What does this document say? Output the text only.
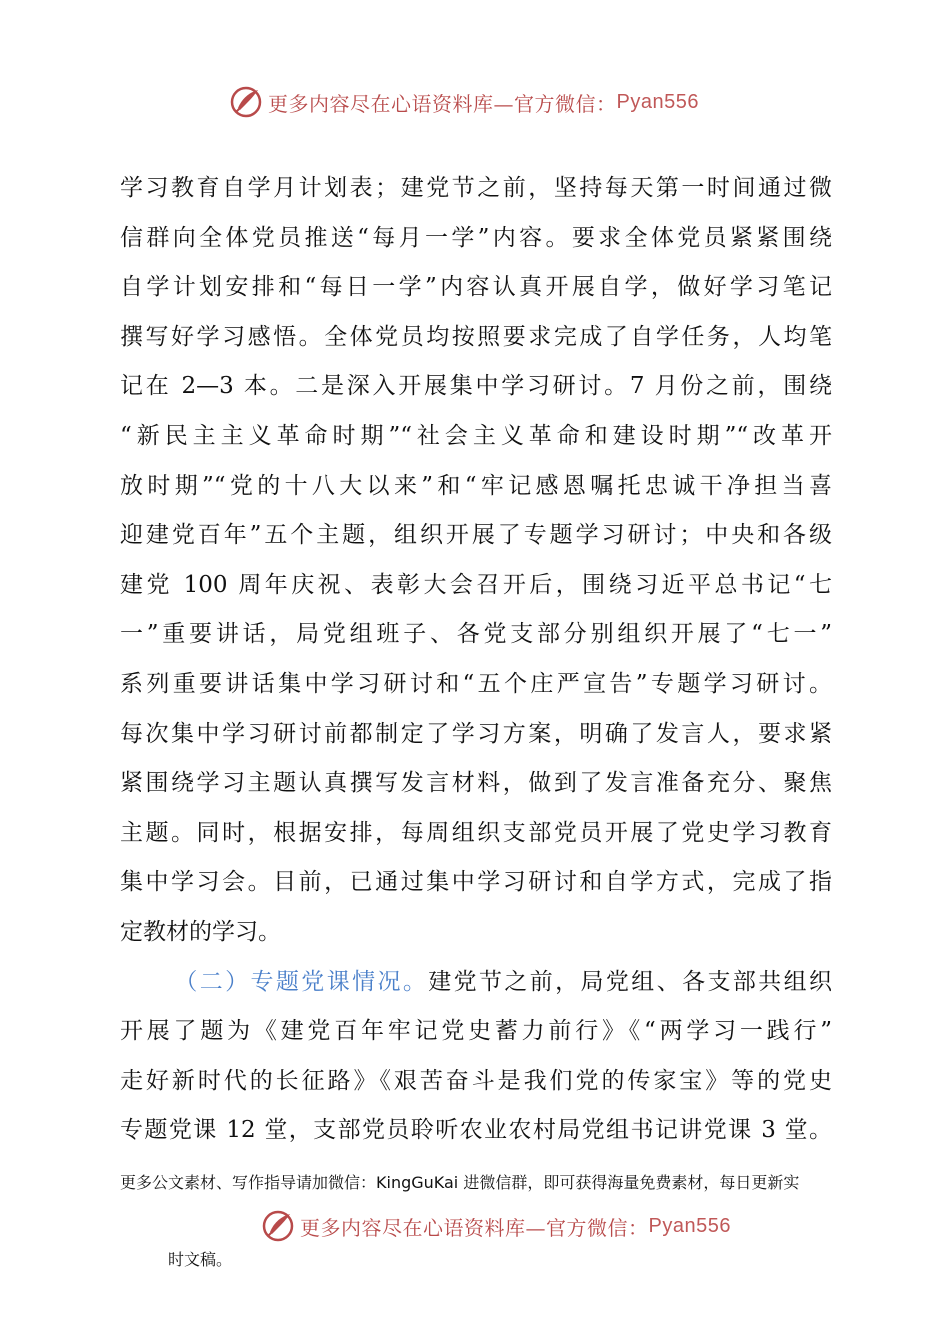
更多内容尽在心语资料库—官方微信： Pyan556

学习教育自学月计划表；建党节之前，坚持每天第一时间通过微

信群向全体党员推送“每月一学”内容。要求全体党员紧紧围绕

自学计划安排和“每日一学”内容认真开展自学，做好学习笔记

撰写好学习感悟。全体党员均按照要求完成了自学任务，人均笔

记在 2—3 本。二是深入开展集中学习研讨。7 月份之前，围绕

“新民主主义革命时期”“社会主义革命和建设时期”“改革开

放时期”“党的十八大以来”和“牢记感恩嘱托忠诚干净担当喜

迎建党百年”五个主题，组织开展了专题学习研讨；中央和各级

建党 100 周年庆祝、表彰大会召开后，围绕习近平总书记“七

一”重要讲话，局党组班子、各党支部分别组织开展了“七一”

系列重要讲话集中学习研讨和“五个庄严宣告”专题学习研讨。

每次集中学习研讨前都制定了学习方案，明确了发言人，要求紧

紧围绕学习主题认真撰写发言材料，做到了发言准备充分、聚焦

主题。同时，根据安排，每周组织支部党员开展了党史学习教育

集中学习会。目前，已通过集中学习研讨和自学方式，完成了指

定教材的学习。

（二）专题党课情况。建党节之前，局党组、各支部共组织

开展了题为《建党百年牢记党史蓄力前行》《“两学习一践行”

走好新时代的长征路》《艰苦奋斗是我们党的传家宝》等的党史

专题党课 12 堂，支部党员聆听农业农村局党组书记讲党课 3 堂。

更多公文素材、写作指导请加微信：KingGuKai 进微信群，即可获得海量免费素材，每日更新实
更多内容尽在心语资料库—官方微信： Pyan556
时文稿。
